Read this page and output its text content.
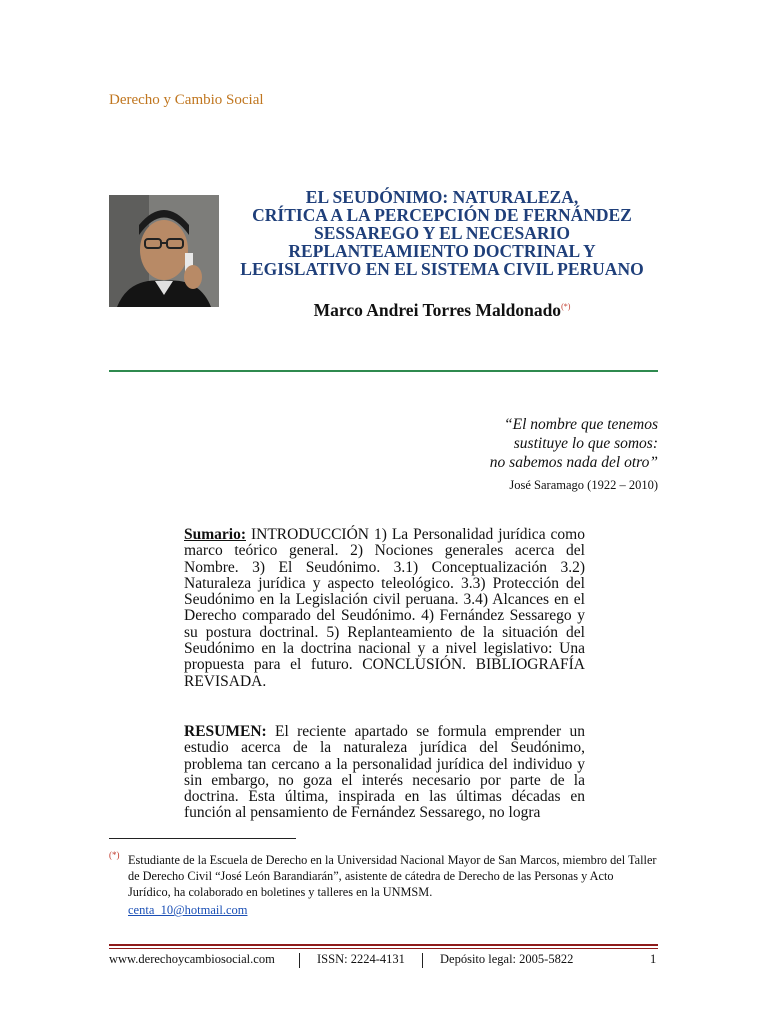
Derecho y Cambio Social
EL SEUDÓNIMO: NATURALEZA,
CRÍTICA A LA PERCEPCIÓN DE FERNÁNDEZ
SESSAREGO Y EL NECESARIO
REPLANTEAMIENTO DOCTRINAL Y
LEGISLATIVO EN EL SISTEMA CIVIL PERUANO
Marco Andrei Torres Maldonado(*)
“El nombre que tenemos
sustituye lo que somos:
no sabemos nada del otro”
José Saramago (1922 – 2010)
Sumario: INTRODUCCIÓN 1) La Personalidad jurídica como marco teórico general. 2) Nociones generales acerca del Nombre. 3) El Seudónimo. 3.1) Conceptualización 3.2) Naturaleza jurídica y aspecto teleológico. 3.3) Protección del Seudónimo en la Legislación civil peruana. 3.4) Alcances en el Derecho comparado del Seudónimo. 4) Fernández Sessarego y su postura doctrinal. 5) Replanteamiento de la situación del Seudónimo en la doctrina nacional y a nivel legislativo: Una propuesta para el futuro. CONCLUSIÓN. BIBLIOGRAFÍA REVISADA.
RESUMEN: El reciente apartado se formula emprender un estudio acerca de la naturaleza jurídica del Seudónimo, problema tan cercano a la personalidad jurídica del individuo y sin embargo, no goza el interés necesario por parte de la doctrina. Esta última, inspirada en las últimas décadas en función al pensamiento de Fernández Sessarego, no logra
(*) Estudiante de la Escuela de Derecho en la Universidad Nacional Mayor de San Marcos, miembro del Taller de Derecho Civil “José León Barandiarán”, asistente de cátedra de Derecho de las Personas y Acto Jurídico, ha colaborado en boletines y talleres en la UNMSM.
centa_10@hotmail.com
www.derechoycambiosocial.com	ISSN: 2224-4131	Depósito legal: 2005-5822	1
